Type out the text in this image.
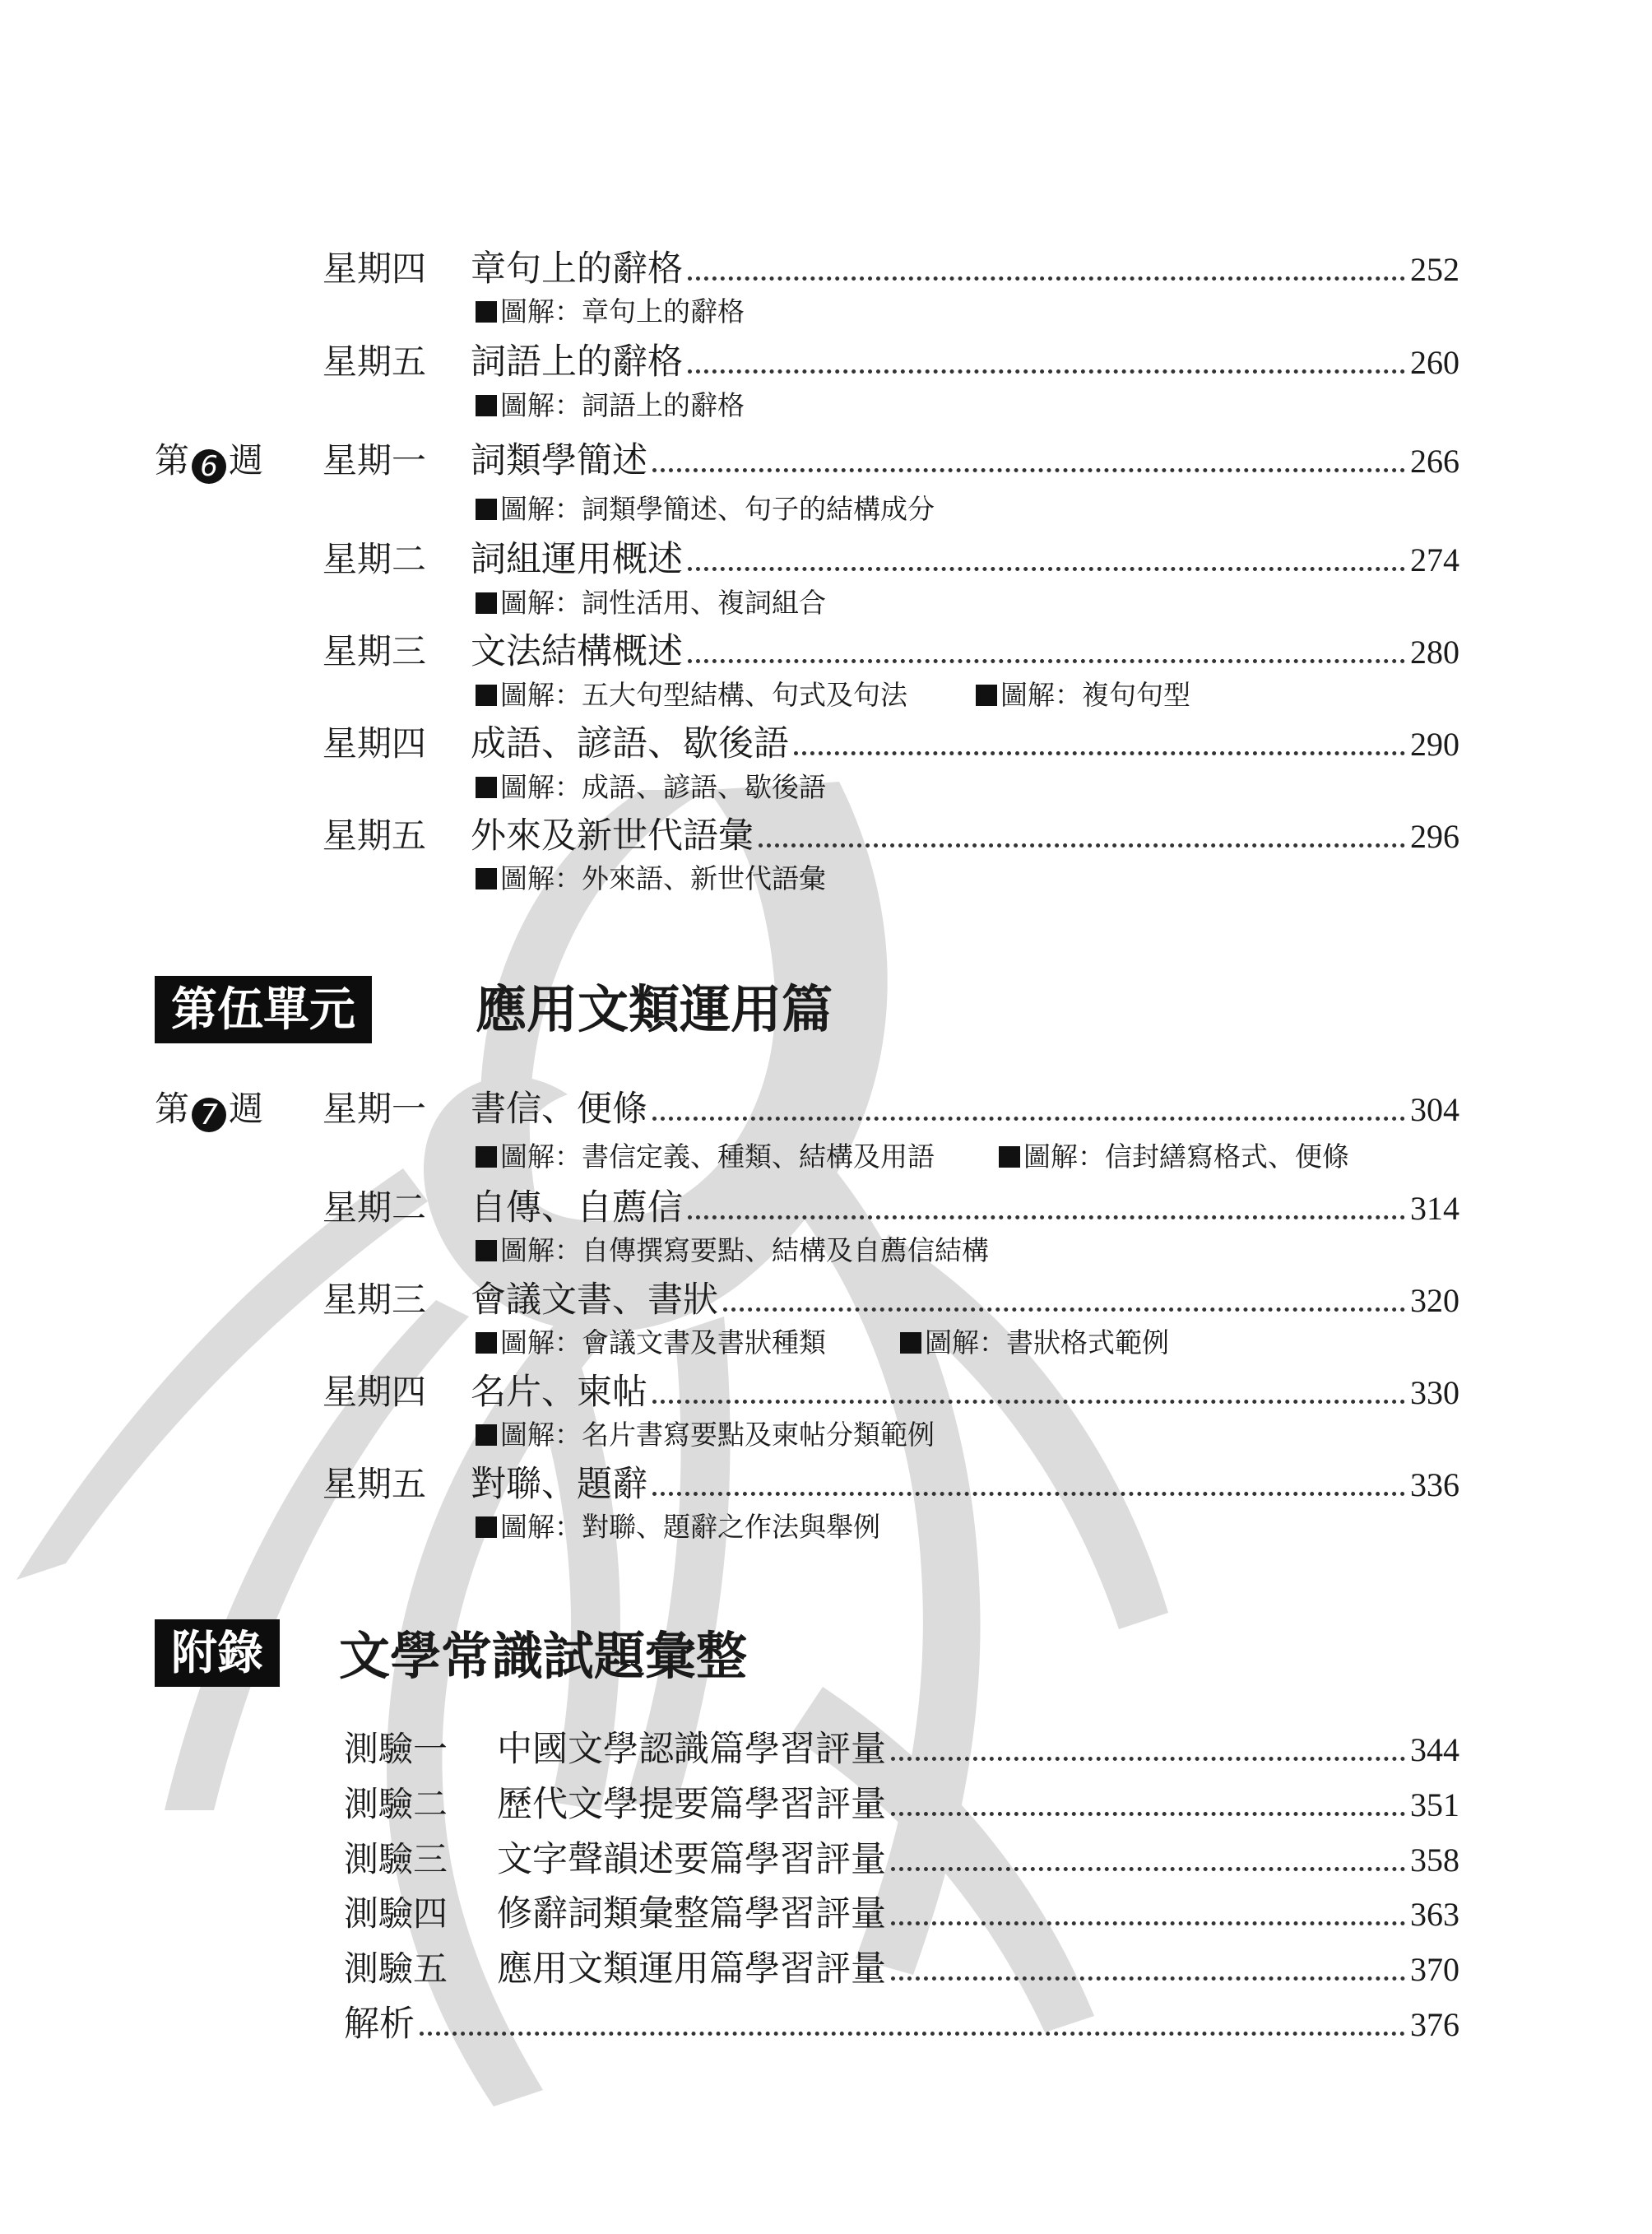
星期四 章句上的辭格	252
圖解：章句上的辭格
星期五 詞語上的辭格	260
圖解：詞語上的辭格
第 6 週 星期一 詞類學簡述	266
圖解：詞類學簡述、句子的結構成分
星期二 詞組運用概述	274
圖解：詞性活用、複詞組合
星期三 文法結構概述	280
圖解：五大句型結構、句式及句法	圖解：複句句型
星期四 成語、諺語、歇後語	290
圖解：成語、諺語、歇後語
星期五 外來及新世代語彙	296
圖解：外來語、新世代語彙
第伍單元	應用文類運用篇
第 7 週 星期一 書信、便條	304
圖解：書信定義、種類、結構及用語	圖解：信封繕寫格式、便條
星期二 自傳、自薦信	314
圖解：自傳撰寫要點、結構及自薦信結構
星期三 會議文書、書狀	320
圖解：會議文書及書狀種類	圖解：書狀格式範例
星期四 名片、柬帖	330
圖解：名片書寫要點及柬帖分類範例
星期五 對聯、題辭	336
圖解：對聯、題辭之作法與舉例
附錄	文學常識試題彙整
測驗一 中國文學認識篇學習評量	344
測驗二 歷代文學提要篇學習評量	351
測驗三 文字聲韻述要篇學習評量	358
測驗四 修辭詞類彙整篇學習評量	363
測驗五 應用文類運用篇學習評量	370
解析	376
